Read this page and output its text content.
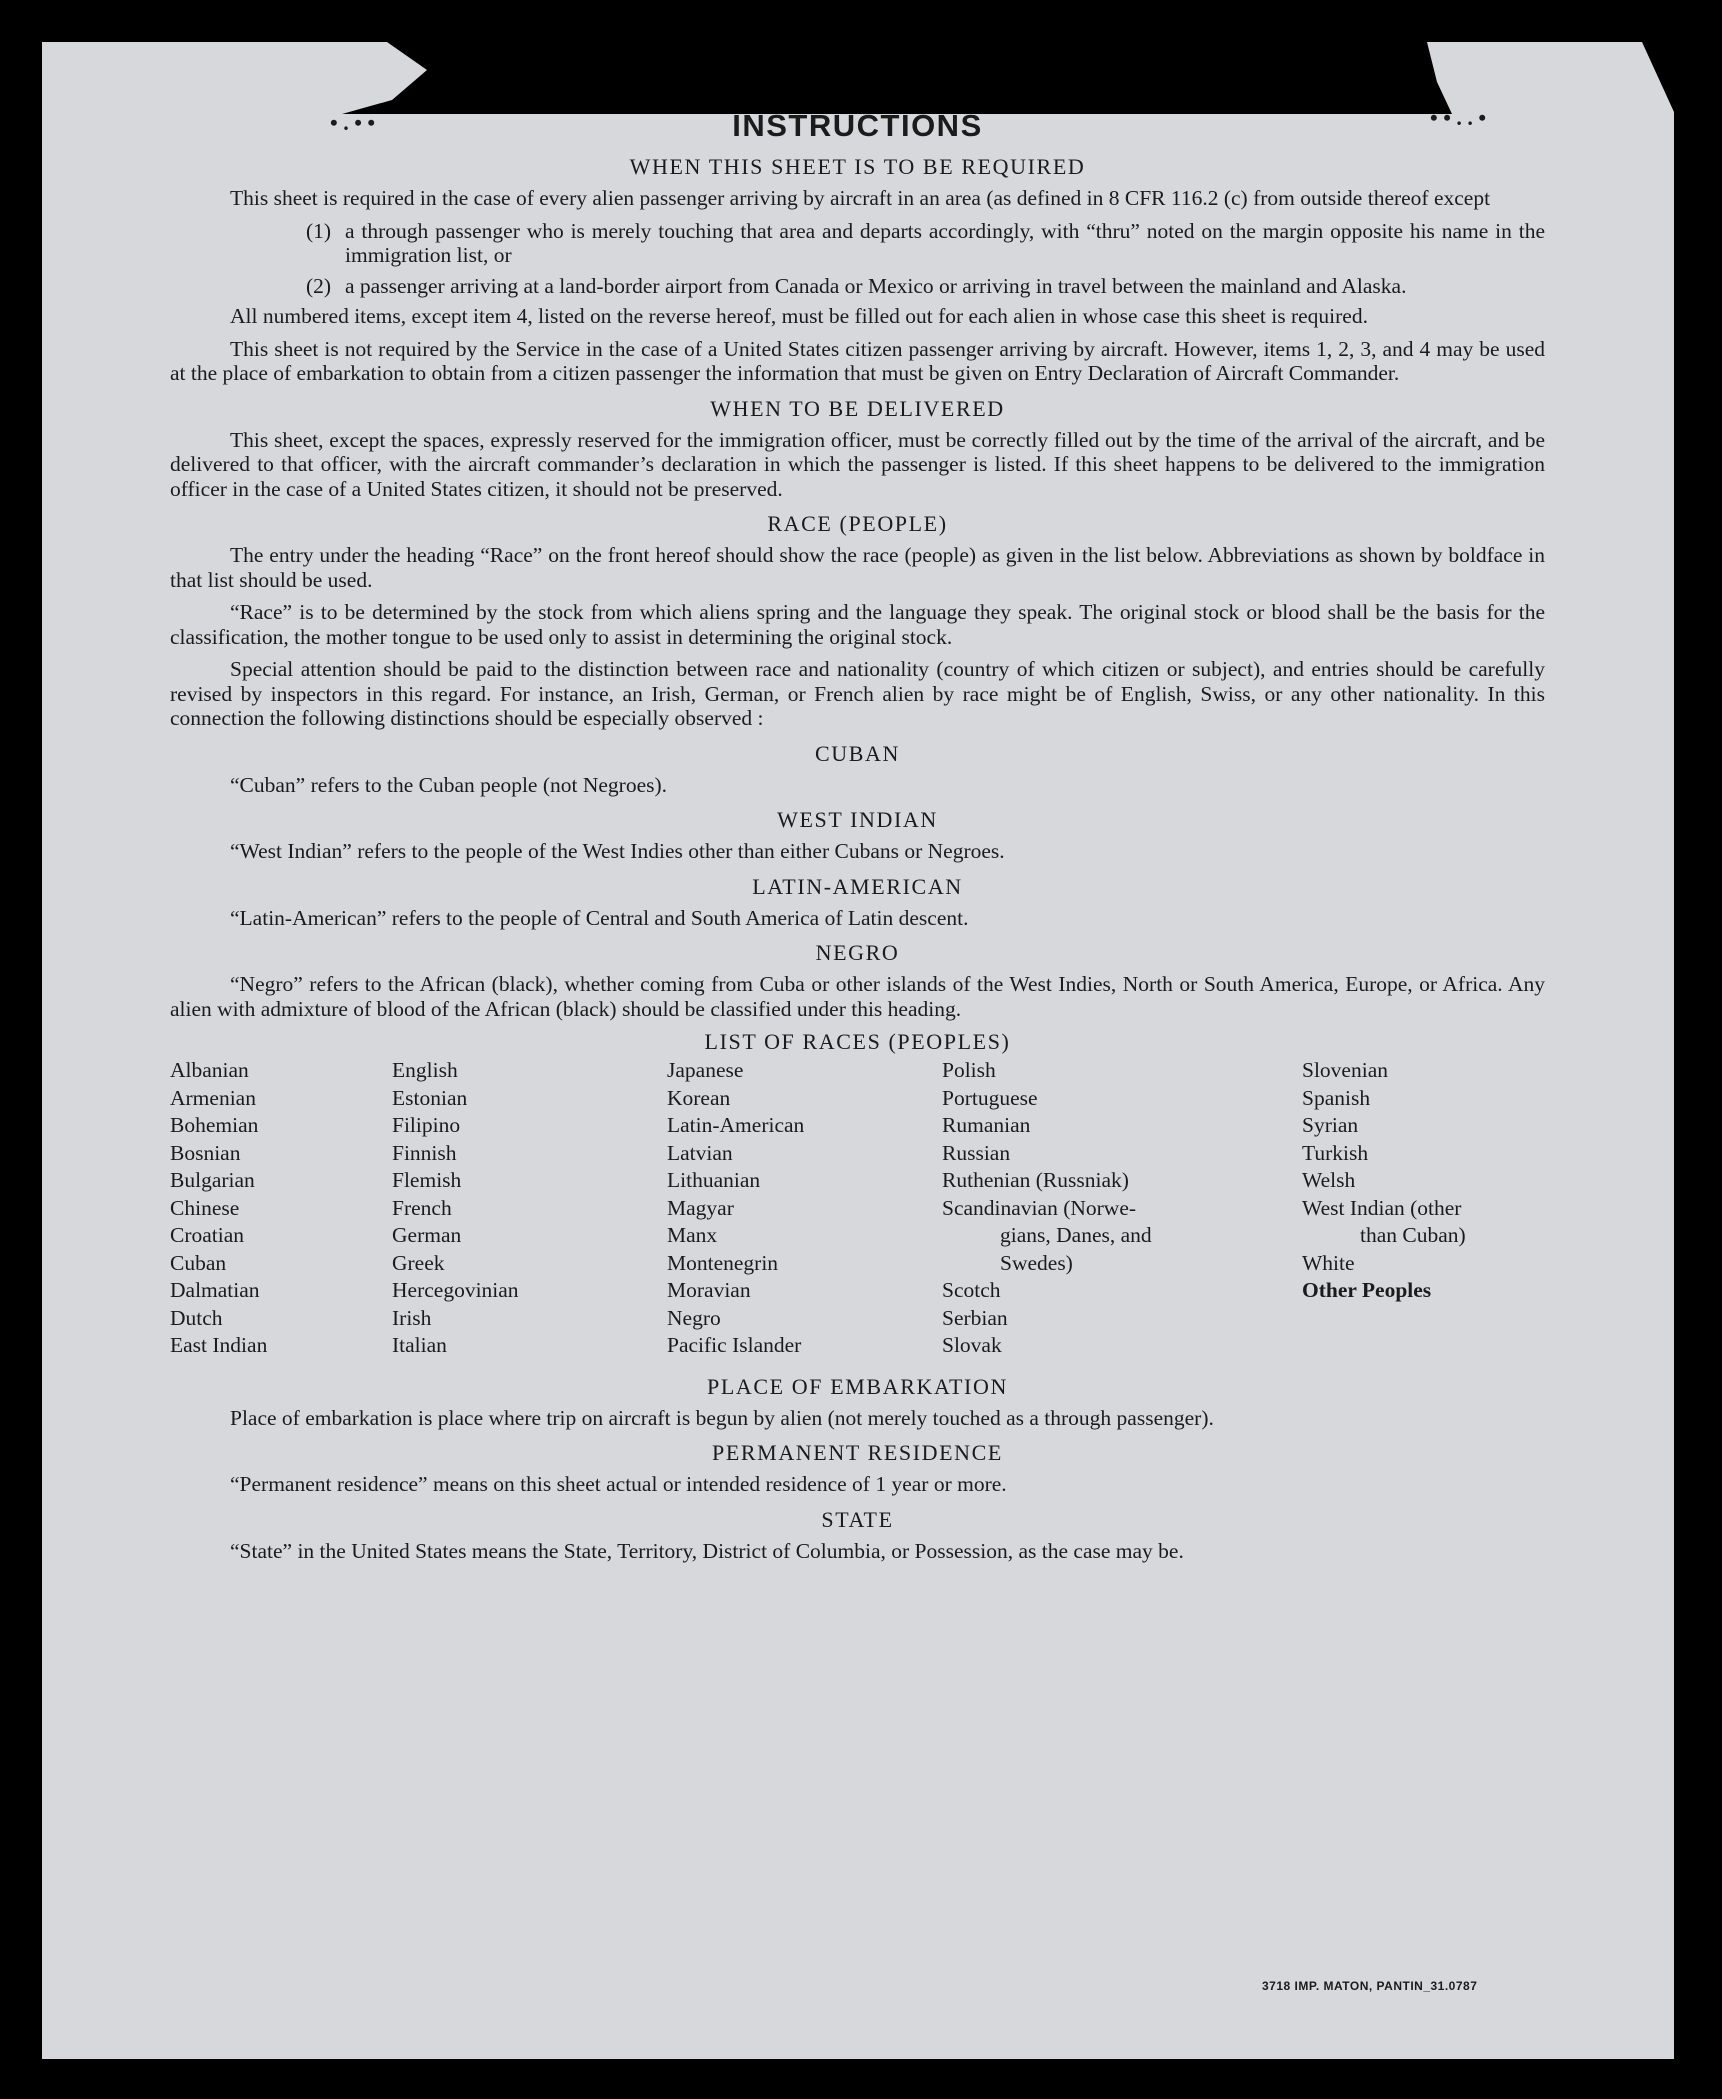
• . • •	• • . . •
INSTRUCTIONS
WHEN THIS SHEET IS TO BE REQUIRED

This sheet is required in the case of every alien passenger arriving by aircraft in an area (as defined in 8 CFR 116.2 (c) from outside thereof except

(1) a through passenger who is merely touching that area and departs accordingly, with “thru” noted on the margin opposite his name in the immigration list, or

(2) a passenger arriving at a land-border airport from Canada or Mexico or arriving in travel between the mainland and Alaska.

All numbered items, except item 4, listed on the reverse hereof, must be filled out for each alien in whose case this sheet is required.

This sheet is not required by the Service in the case of a United States citizen passenger arriving by aircraft. However, items 1, 2, 3, and 4 may be used at the place of embarkation to obtain from a citizen passenger the information that must be given on Entry Declaration of Aircraft Commander.

WHEN TO BE DELIVERED

This sheet, except the spaces, expressly reserved for the immigration officer, must be correctly filled out by the time of the arrival of the aircraft, and be delivered to that officer, with the aircraft commander’s declaration in which the passenger is listed. If this sheet happens to be delivered to the immigration officer in the case of a United States citizen, it should not be preserved.

RACE (PEOPLE)

The entry under the heading “Race” on the front hereof should show the race (people) as given in the list below. Abbreviations as shown by boldface in that list should be used.

“Race” is to be determined by the stock from which aliens spring and the language they speak. The original stock or blood shall be the basis for the classification, the mother tongue to be used only to assist in determining the original stock.

Special attention should be paid to the distinction between race and nationality (country of which citizen or subject), and entries should be carefully revised by inspectors in this regard. For instance, an Irish, German, or French alien by race might be of English, Swiss, or any other nationality. In this connection the following distinctions should be especially observed :

CUBAN

“Cuban” refers to the Cuban people (not Negroes).

WEST INDIAN

“West Indian” refers to the people of the West Indies other than either Cubans or Negroes.

LATIN-AMERICAN

“Latin-American” refers to the people of Central and South America of Latin descent.

NEGRO

“Negro” refers to the African (black), whether coming from Cuba or other islands of the West Indies, North or South America, Europe, or Africa. Any alien with admixture of blood of the African (black) should be classified under this heading.

LIST OF RACES (PEOPLES)
Albanian
Armenian
Bohemian
Bosnian
Bulgarian
Chinese
Croatian
Cuban
Dalmatian
Dutch
East Indian
English
Estonian
Filipino
Finnish
Flemish
French
German
Greek
Hercegovinian
Irish
Italian
Japanese
Korean
Latin-American
Latvian
Lithuanian
Magyar
Manx
Montenegrin
Moravian
Negro
Pacific Islander
Polish
Portuguese
Rumanian
Russian
Ruthenian (Russniak)
Scandinavian (Norwe-
gians, Danes, and
Swedes)
Scotch
Serbian
Slovak
Slovenian
Spanish
Syrian
Turkish
Welsh
West Indian (other
than Cuban)
White
Other Peoples
PLACE OF EMBARKATION

Place of embarkation is place where trip on aircraft is begun by alien (not merely touched as a through passenger).

PERMANENT RESIDENCE

“Permanent residence” means on this sheet actual or intended residence of 1 year or more.

STATE

“State” in the United States means the State, Territory, District of Columbia, or Possession, as the case may be.

3718 IMP. MATON, PANTIN_31.0787
